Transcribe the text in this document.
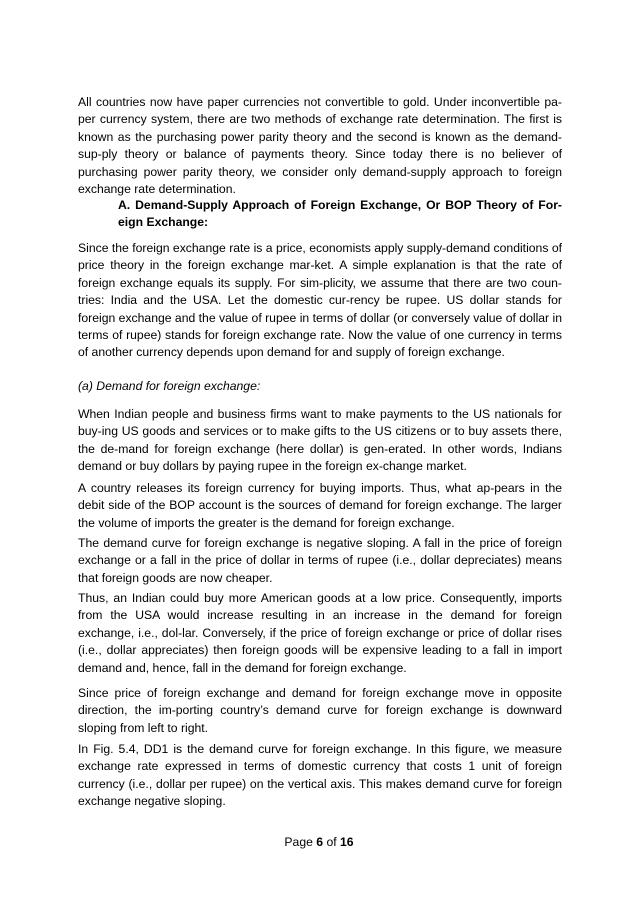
All countries now have paper currencies not convertible to gold. Under inconvertible pa-per currency system, there are two methods of exchange rate determination. The first is known as the purchasing power parity theory and the second is known as the demand-sup-ply theory or balance of payments theory. Since today there is no believer of purchasing power parity theory, we consider only demand-supply approach to foreign exchange rate determination.

A. Demand-Supply Approach of Foreign Exchange, Or BOP Theory of For-eign Exchange:

Since the foreign exchange rate is a price, economists apply supply-demand conditions of price theory in the foreign exchange mar-ket. A simple explanation is that the rate of foreign exchange equals its supply. For sim-plicity, we assume that there are two coun-tries: India and the USA. Let the domestic cur-rency be rupee. US dollar stands for foreign exchange and the value of rupee in terms of dollar (or conversely value of dollar in terms of rupee) stands for foreign exchange rate. Now the value of one currency in terms of another currency depends upon demand for and supply of foreign exchange.

(a) Demand for foreign exchange:

When Indian people and business firms want to make payments to the US nationals for buy-ing US goods and services or to make gifts to the US citizens or to buy assets there, the de-mand for foreign exchange (here dollar) is gen-erated. In other words, Indians demand or buy dollars by paying rupee in the foreign ex-change market.

A country releases its foreign currency for buying imports. Thus, what ap-pears in the debit side of the BOP account is the sources of demand for foreign exchange. The larger the volume of imports the greater is the demand for foreign exchange.

The demand curve for foreign exchange is negative sloping. A fall in the price of foreign exchange or a fall in the price of dollar in terms of rupee (i.e., dollar depreciates) means that foreign goods are now cheaper.

Thus, an Indian could buy more American goods at a low price. Consequently, imports from the USA would increase resulting in an increase in the demand for foreign exchange, i.e., dol-lar. Conversely, if the price of foreign exchange or price of dollar rises (i.e., dollar appreciates) then foreign goods will be expensive leading to a fall in import demand and, hence, fall in the demand for foreign exchange.

Since price of foreign exchange and demand for foreign exchange move in opposite direction, the im-porting country’s demand curve for foreign exchange is downward sloping from left to right.

In Fig. 5.4, DD1 is the demand curve for foreign exchange. In this figure, we measure exchange rate expressed in terms of domestic currency that costs 1 unit of foreign currency (i.e., dollar per rupee) on the vertical axis. This makes demand curve for foreign exchange negative sloping.

Page 6 of 16
